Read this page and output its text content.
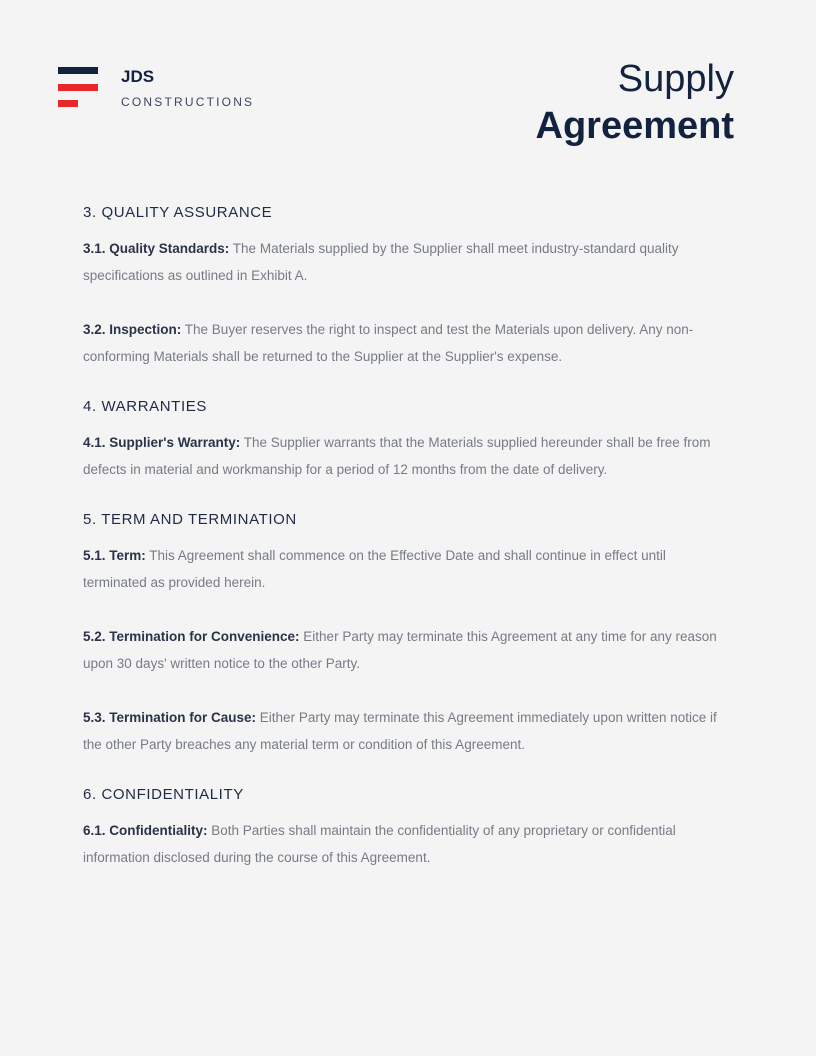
JDS
CONSTRUCTIONS
Supply
Agreement
3. QUALITY ASSURANCE

3.1. Quality Standards: The Materials supplied by the Supplier shall meet industry-standard quality specifications as outlined in Exhibit A.

3.2. Inspection: The Buyer reserves the right to inspect and test the Materials upon delivery. Any non-conforming Materials shall be returned to the Supplier at the Supplier's expense.

4. WARRANTIES

4.1. Supplier's Warranty: The Supplier warrants that the Materials supplied hereunder shall be free from defects in material and workmanship for a period of 12 months from the date of delivery.

5. TERM AND TERMINATION

5.1. Term: This Agreement shall commence on the Effective Date and shall continue in effect until terminated as provided herein.

5.2. Termination for Convenience: Either Party may terminate this Agreement at any time for any reason upon 30 days' written notice to the other Party.

5.3. Termination for Cause: Either Party may terminate this Agreement immediately upon written notice if the other Party breaches any material term or condition of this Agreement.

6. CONFIDENTIALITY

6.1. Confidentiality: Both Parties shall maintain the confidentiality of any proprietary or confidential information disclosed during the course of this Agreement.
